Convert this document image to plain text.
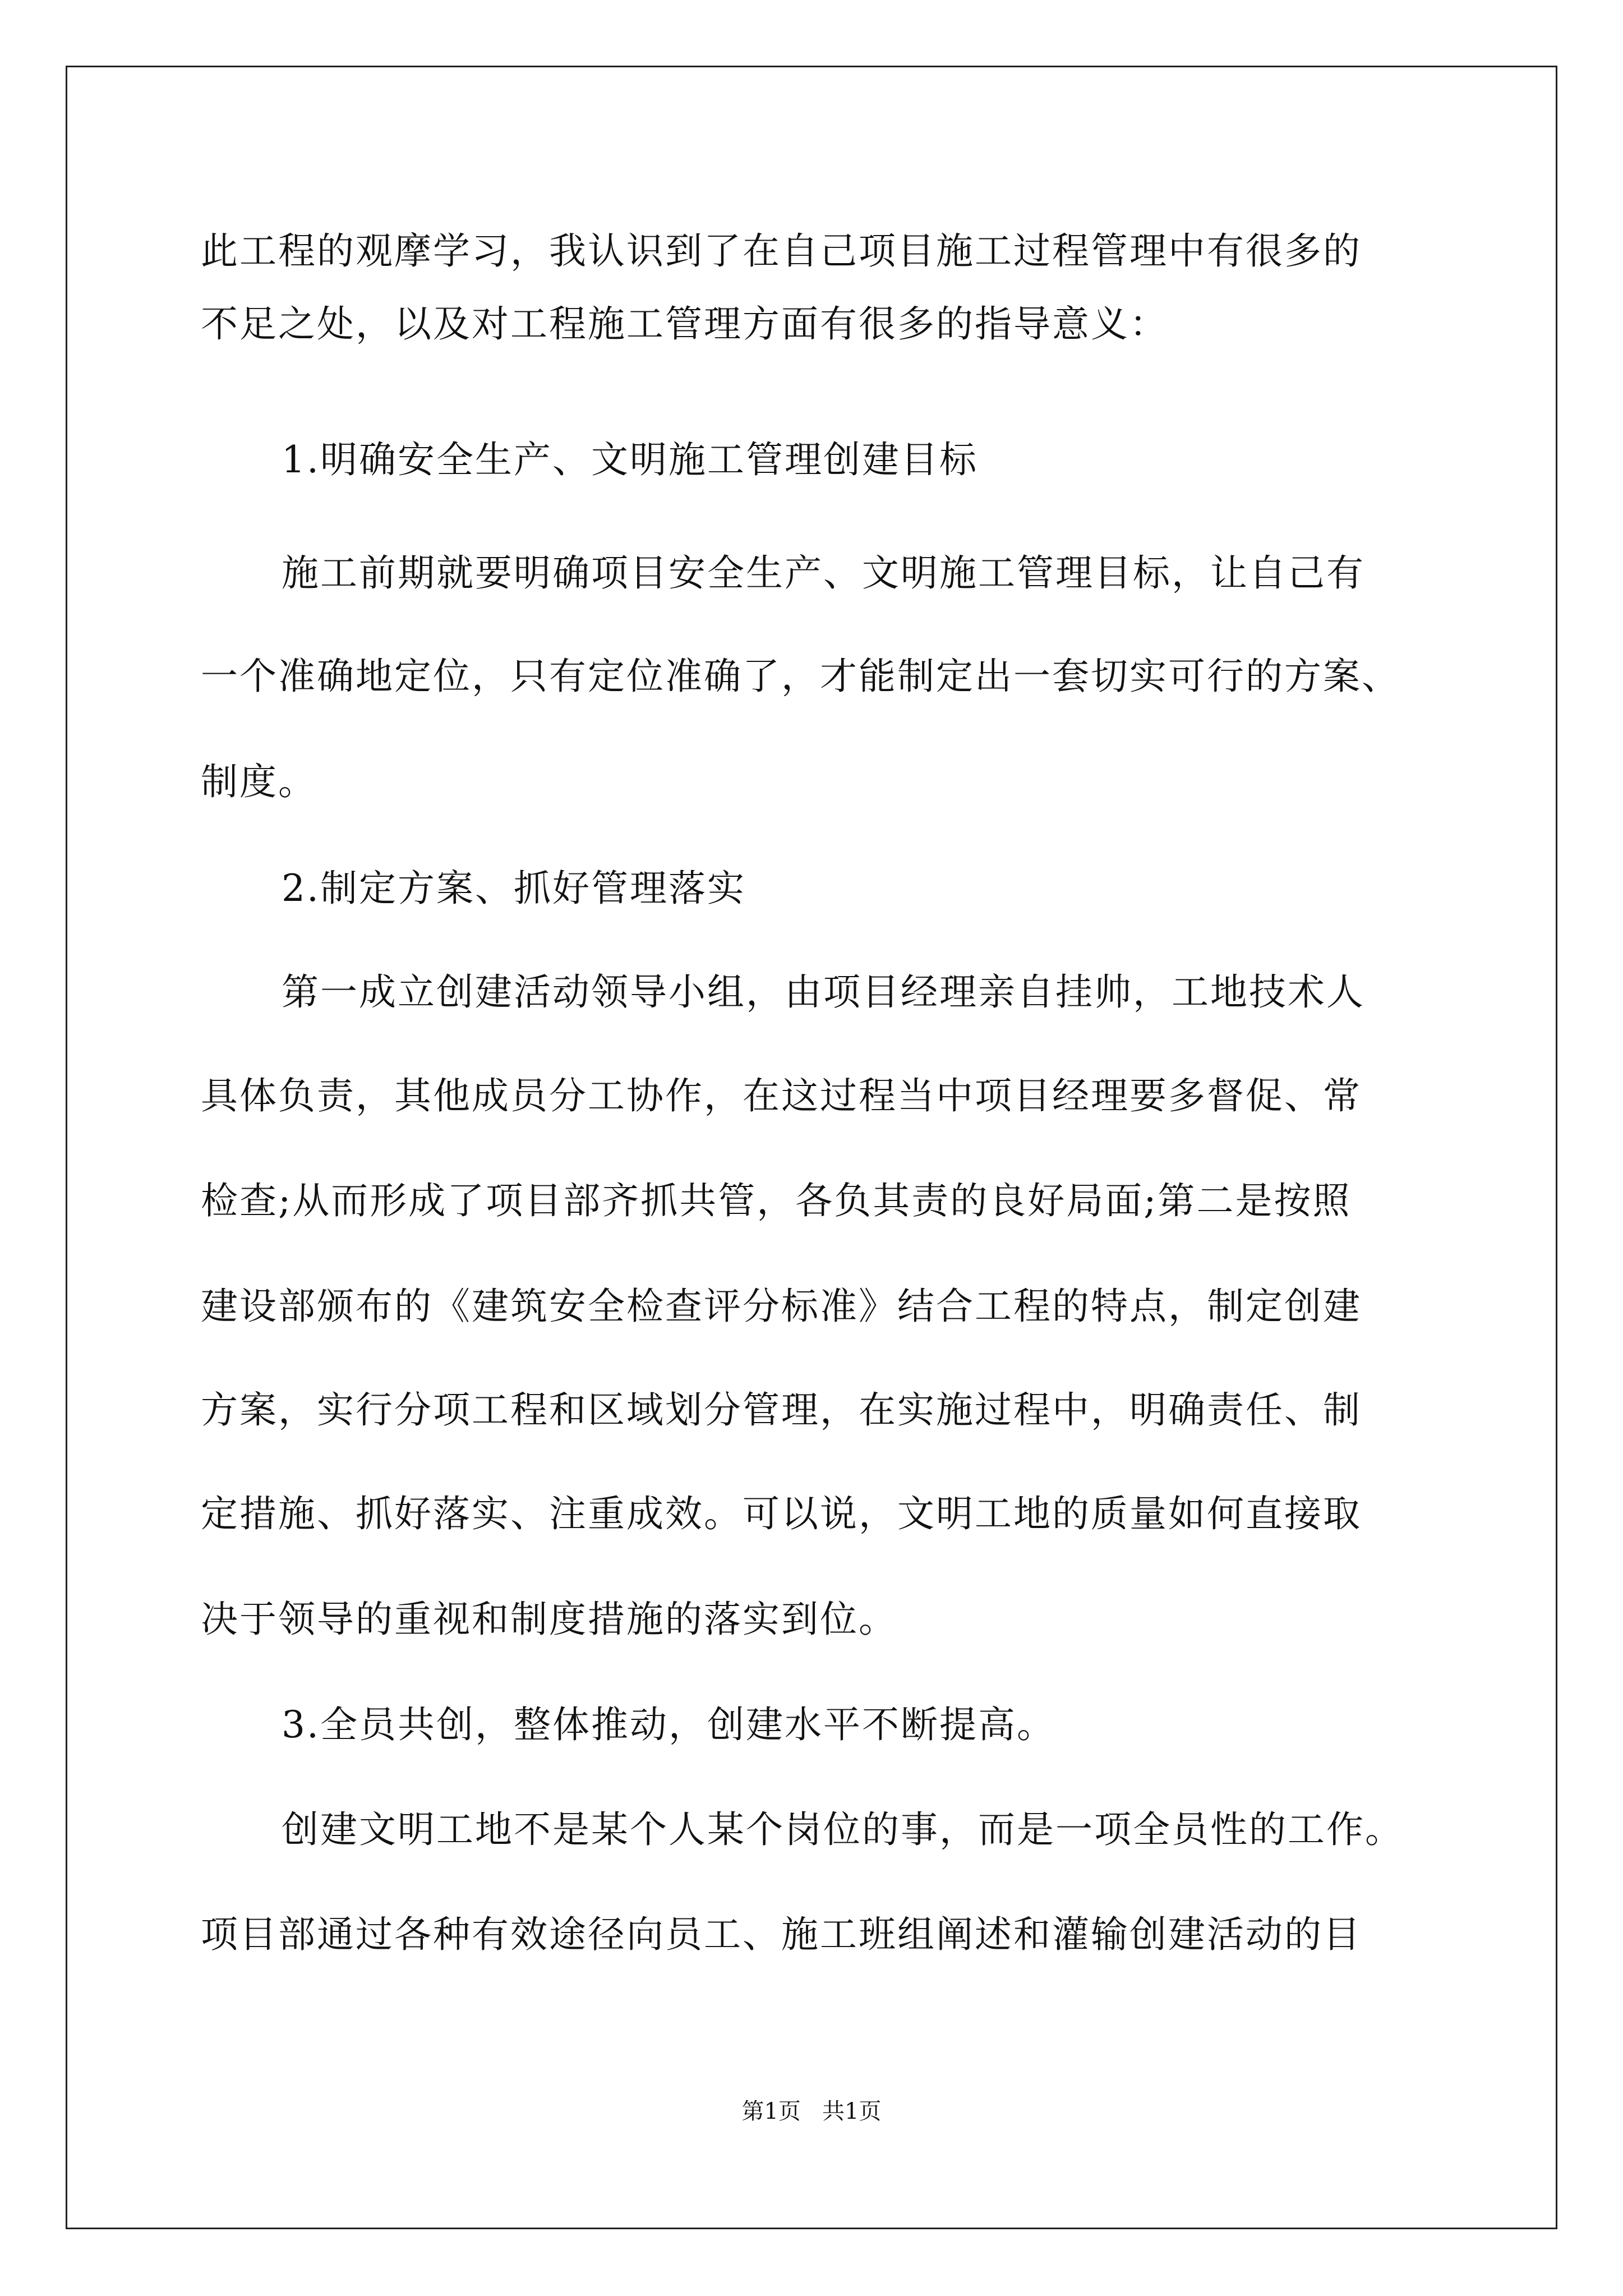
此工程的观摩学习，我认识到了在自己项目施工过程管理中有很多的
不足之处，以及对工程施工管理方面有很多的指导意义：
1.明确安全生产、文明施工管理创建目标
施工前期就要明确项目安全生产、文明施工管理目标，让自己有
一个准确地定位，只有定位准确了，才能制定出一套切实可行的方案、
制度。
2.制定方案、抓好管理落实
第一成立创建活动领导小组，由项目经理亲自挂帅，工地技术人
具体负责，其他成员分工协作，在这过程当中项目经理要多督促、常
检查;从而形成了项目部齐抓共管，各负其责的良好局面;第二是按照
建设部颁布的《建筑安全检查评分标准》结合工程的特点，制定创建
方案，实行分项工程和区域划分管理，在实施过程中，明确责任、制
定措施、抓好落实、注重成效。可以说，文明工地的质量如何直接取
决于领导的重视和制度措施的落实到位。
3.全员共创，整体推动，创建水平不断提高。
创建文明工地不是某个人某个岗位的事，而是一项全员性的工作。
项目部通过各种有效途径向员工、施工班组阐述和灌输创建活动的目
第1页   共1页
